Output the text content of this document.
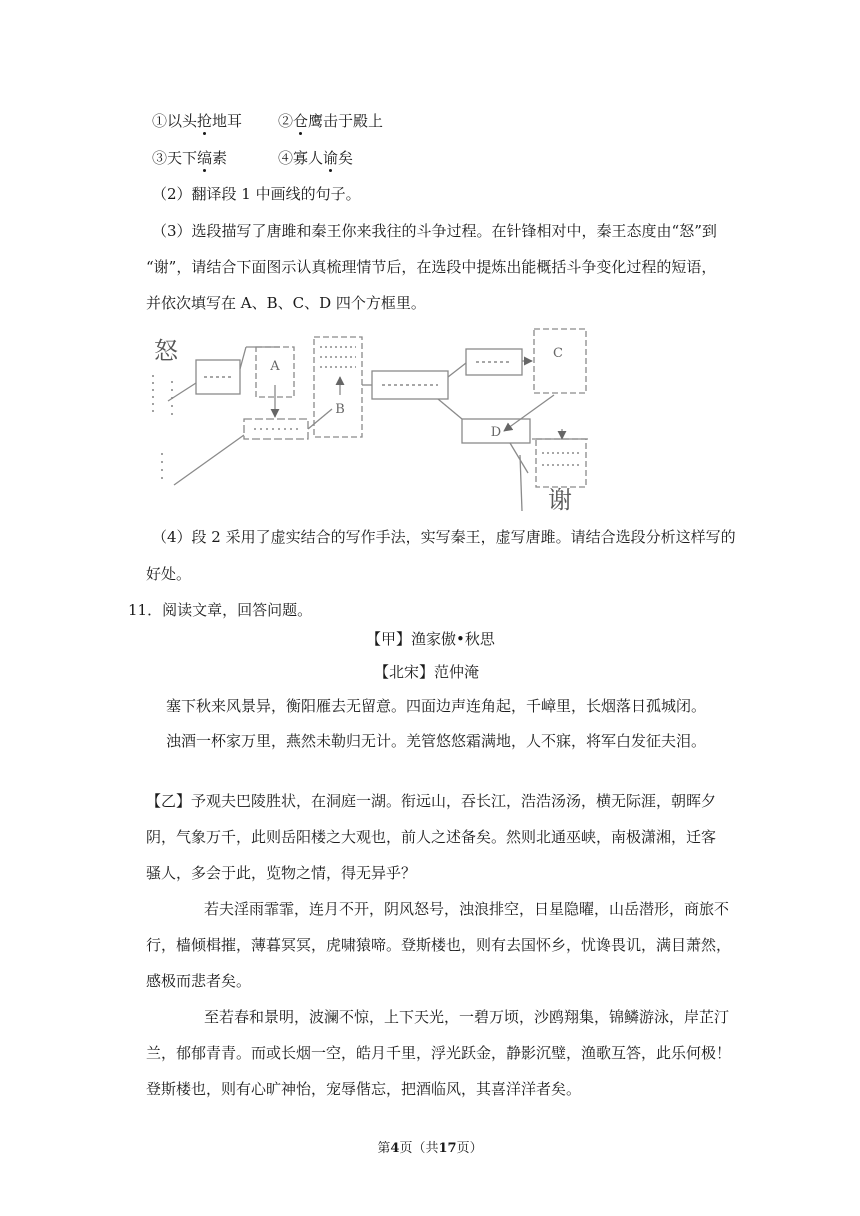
①以头抢地耳 ②仓鹰击于殿上
③天下缟素	④寡人谕矣
（2）翻译段 1 中画线的句子。
（3）选段描写了唐雎和秦王你来我往的斗争过程。在针锋相对中，秦王态度由“怒”到
“谢”，请结合下面图示认真梳理情节后，在选段中提炼出能概括斗争变化过程的短语，
并依次填写在 A、B、C、D 四个方框里。
怒
A
B
C
D
谢
（4）段 2 采用了虚实结合的写作手法，实写秦王，虚写唐雎。请结合选段分析这样写的
好处。
11．阅读文章，回答问题。
【甲】渔家傲•秋思
【北宋】范仲淹
塞下秋来风景异，衡阳雁去无留意。四面边声连角起，千嶂里，长烟落日孤城闭。
浊酒一杯家万里，燕然未勒归无计。羌管悠悠霜满地，人不寐，将军白发征夫泪。
【乙】予观夫巴陵胜状，在洞庭一湖。衔远山，吞长江，浩浩汤汤，横无际涯，朝晖夕
阴，气象万千，此则岳阳楼之大观也，前人之述备矣。然则北通巫峡，南极潇湘，迁客
骚人，多会于此，览物之情，得无异乎？
若夫淫雨霏霏，连月不开，阴风怒号，浊浪排空，日星隐曜，山岳潜形，商旅不
行，樯倾楫摧，薄暮冥冥，虎啸猿啼。登斯楼也，则有去国怀乡，忧谗畏讥，满目萧然，
感极而悲者矣。
至若春和景明，波澜不惊，上下天光，一碧万顷，沙鸥翔集，锦鳞游泳，岸芷汀
兰，郁郁青青。而或长烟一空，皓月千里，浮光跃金，静影沉璧，渔歌互答，此乐何极！
登斯楼也，则有心旷神怡，宠辱偕忘，把酒临风，其喜洋洋者矣。
第4页（共17页）
